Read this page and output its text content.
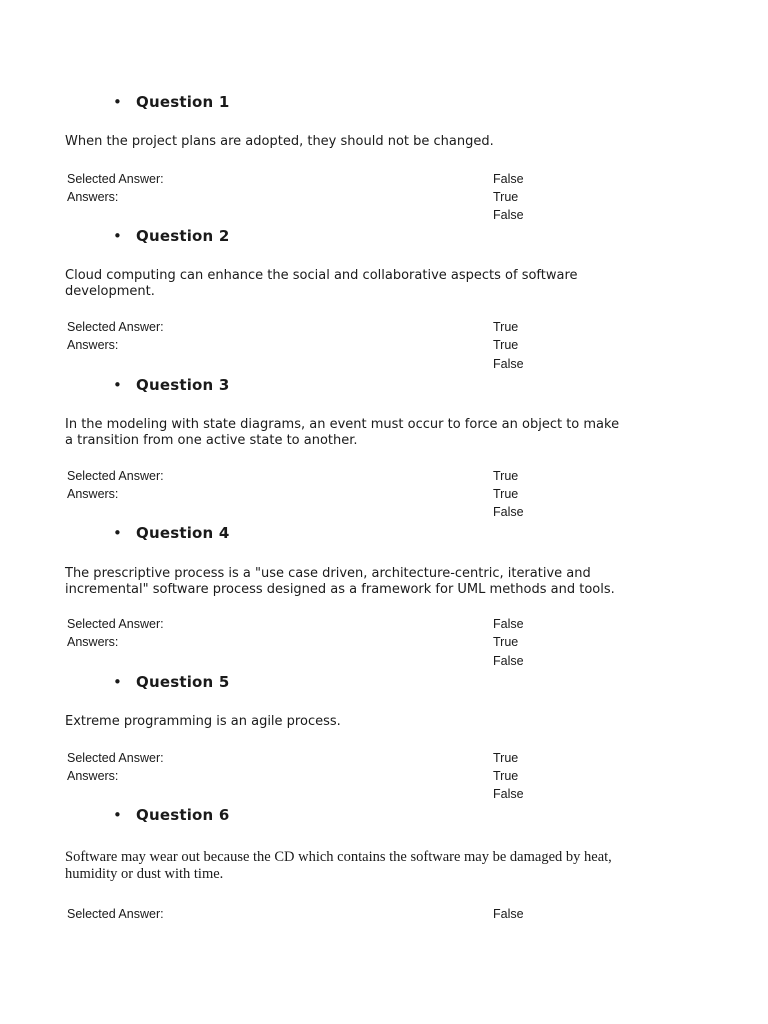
• Question 1
When the project plans are adopted, they should not be changed.
Selected Answer:	False
Answers:	True
False
• Question 2
Cloud computing can enhance the social and collaborative aspects of software development.
Selected Answer:	True
Answers:	True
False
• Question 3
In the modeling with state diagrams, an event must occur to force an object to make a transition from one active state to another.
Selected Answer:	True
Answers:	True
False
• Question 4
The prescriptive process is a "use case driven, architecture-centric, iterative and incremental" software process designed as a framework for UML methods and tools.
Selected Answer:	False
Answers:	True
False
• Question 5
Extreme programming is an agile process.
Selected Answer:	True
Answers:	True
False
• Question 6
Software may wear out because the CD which contains the software may be damaged by heat, humidity or dust with time.
Selected Answer:	False
